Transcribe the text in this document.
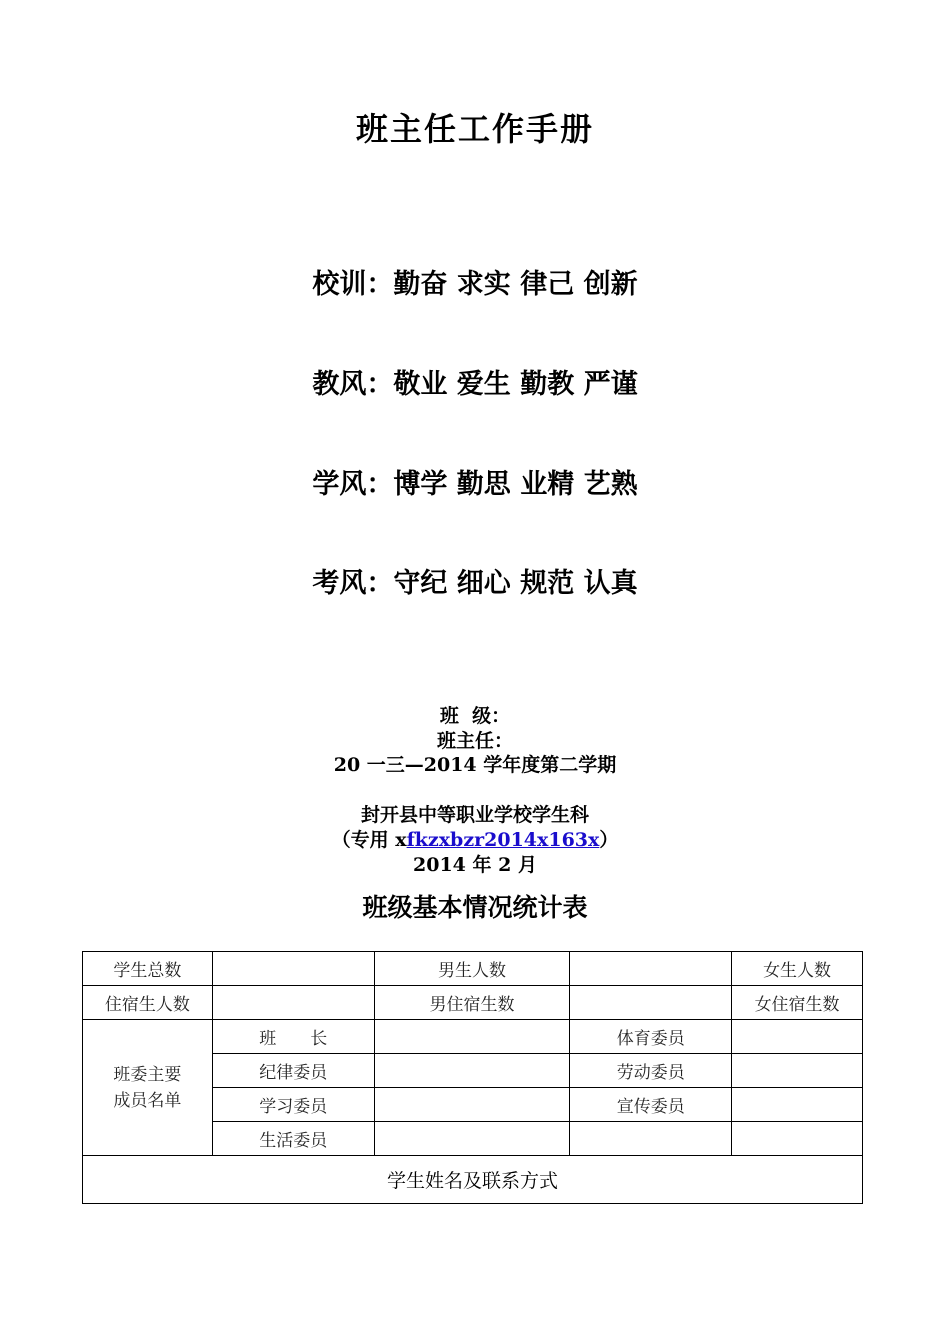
班主任工作手册
校训：勤奋 求实 律己 创新
教风：敬业 爱生 勤教 严谨
学风：博学 勤思 业精 艺熟
考风：守纪 细心 规范 认真
班  级：
班主任：
20 一三—2014 学年度第二学期
封开县中等职业学校学生科
（专用 xfkzxbzr2014x163x）
2014 年 2 月
班级基本情况统计表
学生总数		男生人数		女生人数
住宿生人数		男住宿生数		女住宿生数

班委主要
成员名单	班　　长		体育委员	
	纪律委员		劳动委员	
	学习委员		宣传委员	
	生活委员			
学生姓名及联系方式				
